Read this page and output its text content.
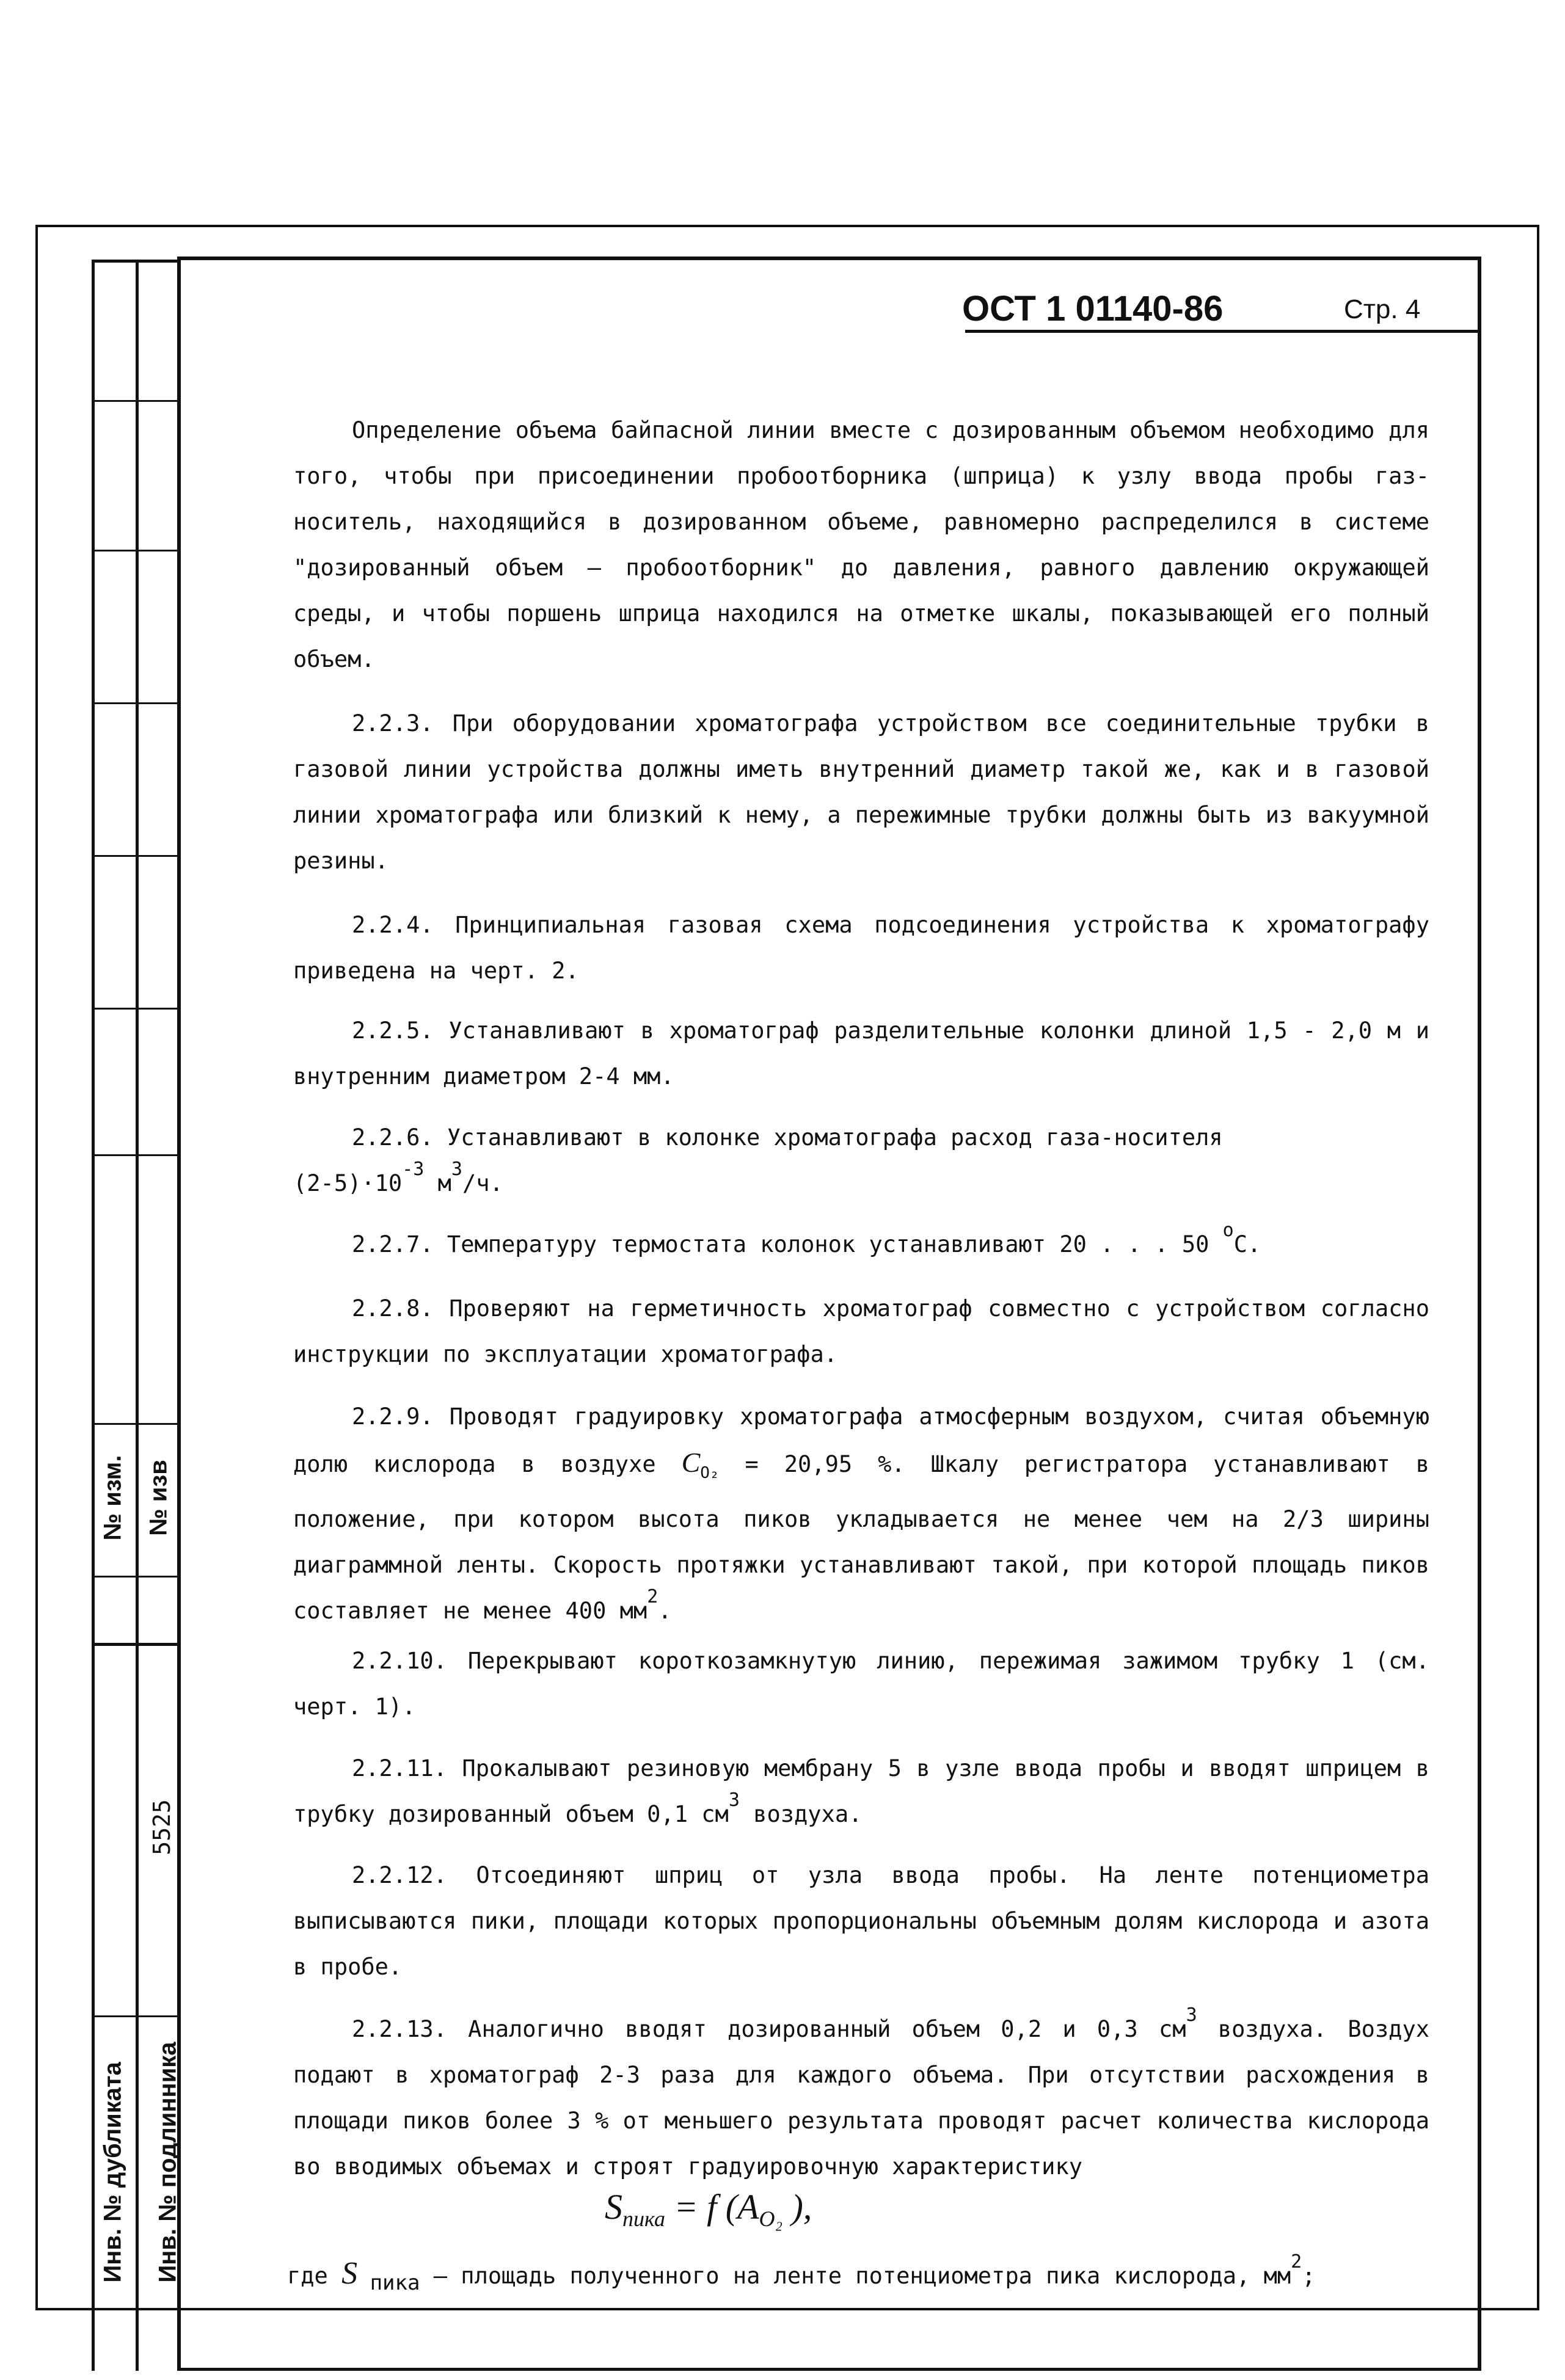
№ изм. № изв
5525
Инв. № дубликата Инв. № подлинника
ОСТ 1 01140-86	Стр. 4
Определение объема байпасной линии вместе с дозированным объемом необходимо для того, чтобы при присоединении пробоотборника (шприца) к узлу ввода пробы газ-носитель, находящийся в дозированном объеме, равномерно распределился в системе "дозированный объем – пробоотборник" до давления, равного давлению окружающей среды, и чтобы поршень шприца находился на отметке шкалы, показывающей его полный объем.
2.2.3. При оборудовании хроматографа устройством все соединительные трубки в газовой линии устройства должны иметь внутренний диаметр такой же, как и в газовой линии хроматографа или близкий к нему, а пережимные трубки должны быть из вакуумной резины.
2.2.4. Принципиальная газовая схема подсоединения устройства к хроматографу приведена на черт. 2.
2.2.5. Устанавливают в хроматограф разделительные колонки длиной 1,5 - 2,0 м и внутренним диаметром 2-4 мм.
2.2.6. Устанавливают в колонке хроматографа расход газа-носителя
$(2-5)\cdot 10^{-3}$ $м^3/ч$.
2.2.7. Температуру термостата колонок устанавливают 20 . . . 50 $^o$C.
2.2.8. Проверяют на герметичность хроматограф совместно с устройством согласно инструкции по эксплуатации хроматографа.
2.2.9. Проводят градуировку хроматографа атмосферным воздухом, считая объемную долю кислорода в воздухе $C_{O_2} = 20,95$ %. Шкалу регистратора устанавливают в положение, при котором высота пиков укладывается не менее чем на 2/3 ширины диаграммной ленты. Скорость протяжки устанавливают такой, при которой площадь пиков составляет не менее 400 $мм^2$.
2.2.10. Перекрывают короткозамкнутую линию, пережимая зажимом трубку 1 (см. черт. 1).
2.2.11. Прокалывают резиновую мембрану 5 в узле ввода пробы и вводят шприцем в трубку дозированный объем 0,1 $см^3$ воздуха.
2.2.12. Отсоединяют шприц от узла ввода пробы. На ленте потенциометра выписываются пики, площади которых пропорциональны объемным долям кислорода и азота в пробе.
2.2.13. Аналогично вводят дозированный объем 0,2 и 0,3 $см^3$ воздуха. Воздух подают в хроматограф 2-3 раза для каждого объема. При отсутствии расхождения в площади пиков более 3 % от меньшего результата проводят расчет количества кислорода во вводимых объемах и строят градуировочную характеристику
$S_{пика} = f$ ($A_{O_2}$ ),
где S пика – площадь полученного на ленте потенциометра пика кислорода, $мм^2$;
